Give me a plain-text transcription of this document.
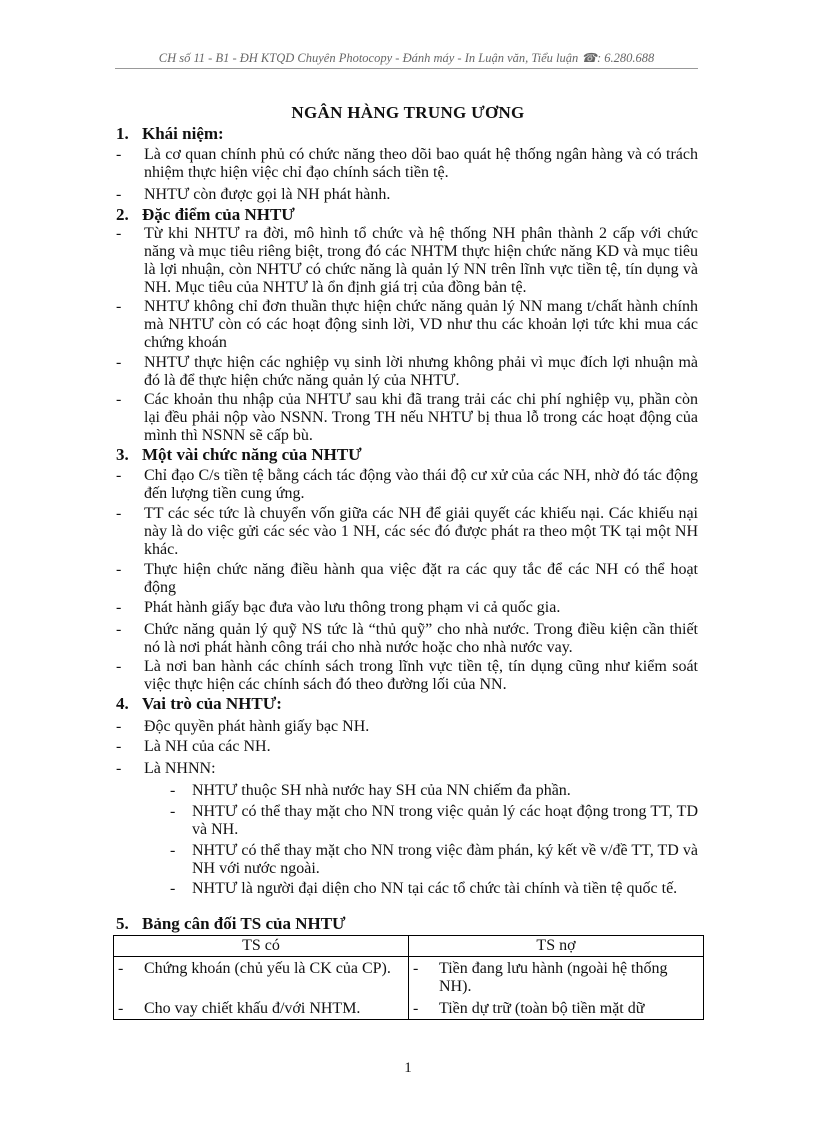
CH số 11 - B1 - ĐH KTQD Chuyên Photocopy - Đánh máy - In Luận văn, Tiểu luận ☎: 6.280.688
NGÂN HÀNG TRUNG ƯƠNG
1. Khái niệm:
-	Là cơ quan chính phủ có chức năng theo dõi bao quát hệ thống ngân hàng và có trách nhiệm thực hiện việc chỉ đạo chính sách tiền tệ.
-	NHTƯ còn được gọi là NH phát hành.
2. Đặc điểm của NHTƯ
-	Từ khi NHTƯ ra đời, mô hình tổ chức và hệ thống NH phân thành 2 cấp với chức năng và mục tiêu riêng biệt, trong đó các NHTM thực hiện chức năng KD và mục tiêu là lợi nhuận, còn NHTƯ có chức năng là quản lý NN trên lĩnh vực tiền tệ, tín dụng và NH. Mục tiêu của NHTƯ là ổn định giá trị của đồng bản tệ.
-	NHTƯ không chỉ đơn thuần thực hiện chức năng quản lý NN mang t/chất hành chính mà NHTƯ còn có các hoạt động sinh lời, VD như thu các khoản lợi tức khi mua các chứng khoán
-	NHTƯ thực hiện các nghiệp vụ sinh lời nhưng không phải vì mục đích lợi nhuận mà đó là để thực hiện chức năng quản lý của NHTƯ.
-	Các khoản thu nhập của NHTƯ sau khi đã trang trải các chi phí nghiệp vụ, phần còn lại đều phải nộp vào NSNN. Trong TH nếu NHTƯ bị thua lỗ trong các hoạt động của mình thì NSNN sẽ cấp bù.
3. Một vài chức năng của NHTƯ
-	Chỉ đạo C/s tiền tệ bằng cách tác động vào thái độ cư xử của các NH, nhờ đó tác động đến lượng tiền cung ứng.
-	TT các séc tức là chuyển vốn giữa các NH để giải quyết các khiếu nại. Các khiếu nại này là do việc gửi các séc vào 1 NH, các séc đó được phát ra theo một TK tại một NH khác.
-	Thực hiện chức năng điều hành qua việc đặt ra các quy tắc để các NH có thể hoạt động
-	Phát hành giấy bạc đưa vào lưu thông trong phạm vi cả quốc gia.
-	Chức năng quản lý quỹ NS tức là “thủ quỹ” cho nhà nước. Trong điều kiện cần thiết nó là nơi phát hành công trái cho nhà nước hoặc cho nhà nước vay.
-	Là nơi ban hành các chính sách trong lĩnh vực tiền tệ, tín dụng cũng như kiểm soát việc thực hiện các chính sách đó theo đường lối của NN.
4. Vai trò của NHTƯ:
-	Độc quyền phát hành giấy bạc NH.
-	Là NH của các NH.
-	Là NHNN:
-	NHTƯ thuộc SH nhà nước hay SH của NN chiếm đa phần.
-	NHTƯ có thể thay mặt cho NN trong việc quản lý các hoạt động trong TT, TD và NH.
-	NHTƯ có thể thay mặt cho NN trong việc đàm phán, ký kết về v/đề TT, TD và NH với nước ngoài.
-	NHTƯ là người đại diện cho NN tại các tổ chức tài chính và tiền tệ quốc tế.
5. Bảng cân đối TS của NHTƯ
TS có	TS nợ

- Chứng khoán (chủ yếu là CK của CP).	- Tiền đang lưu hành (ngoài hệ thống NH).

- Cho vay chiết khấu đ/với NHTM.	- Tiền dự trữ (toàn bộ tiền mặt dữ
1
